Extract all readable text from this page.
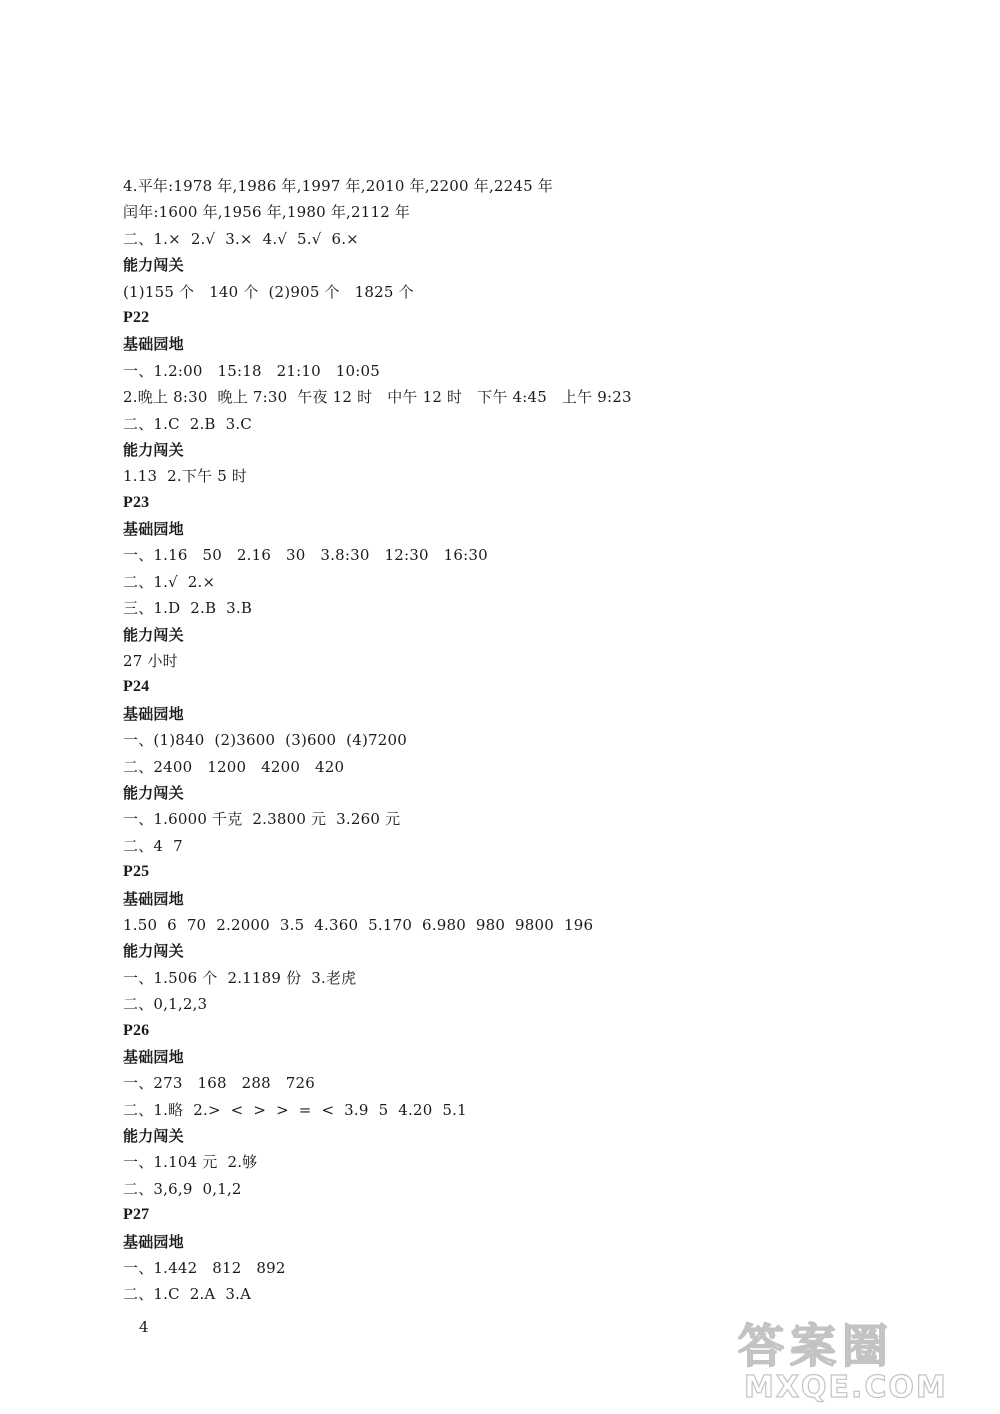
4.平年:1978 年,1986 年,1997 年,2010 年,2200 年,2245 年
闰年:1600 年,1956 年,1980 年,2112 年
二、1.×  2.√  3.×  4.√  5.√  6.×
能力闯关
(1)155 个   140 个  (2)905 个   1825 个
P22
基础园地
一、1.2:00   15:18   21:10   10:05
2.晚上 8:30  晚上 7:30  午夜 12 时   中午 12 时   下午 4:45   上午 9:23
二、1.C  2.B  3.C
能力闯关
1.13  2.下午 5 时
P23
基础园地
一、1.16   50   2.16   30   3.8:30   12:30   16:30
二、1.√  2.×
三、1.D  2.B  3.B
能力闯关
27 小时
P24
基础园地
一、(1)840  (2)3600  (3)600  (4)7200
二、2400   1200   4200   420
能力闯关
一、1.6000 千克  2.3800 元  3.260 元
二、4  7
P25
基础园地
1.50  6  70  2.2000  3.5  4.360  5.170  6.980  980  9800  196
能力闯关
一、1.506 个  2.1189 份  3.老虎
二、0,1,2,3
P26
基础园地
一、273   168   288   726
二、1.略  2.>  <  >  >  =  <  3.9  5  4.20  5.1
能力闯关
一、1.104 元  2.够
二、3,6,9  0,1,2
P27
基础园地
一、1.442   812   892
二、1.C  2.A  3.A
4	答案圈
MXQE.COM
